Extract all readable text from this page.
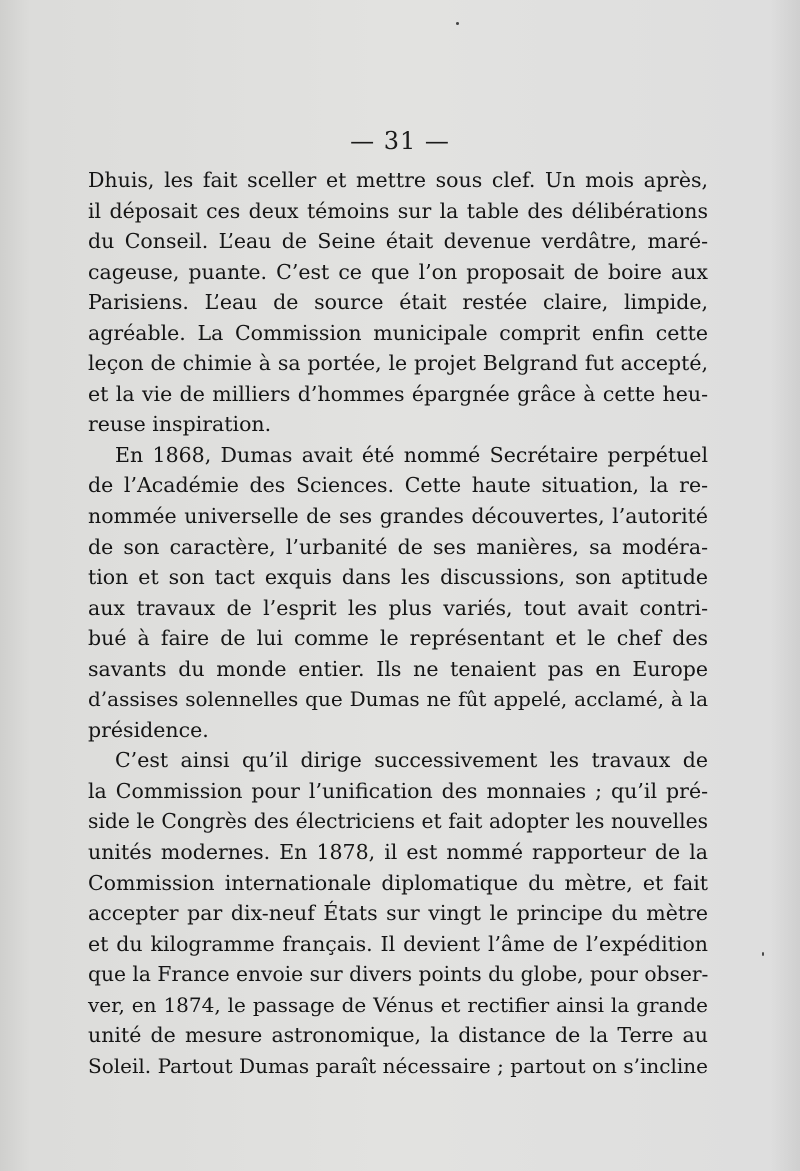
— 31 —
Dhuis, les fait sceller et mettre sous clef. Un mois après,
il déposait ces deux témoins sur la table des délibérations
du Conseil. L’eau de Seine était devenue verdâtre, maré-
cageuse, puante. C’est ce que l’on proposait de boire aux
Parisiens. L’eau de source était restée claire, limpide,
agréable. La Commission municipale comprit enfin cette
leçon de chimie à sa portée, le projet Belgrand fut accepté,
et la vie de milliers d’hommes épargnée grâce à cette heu-
reuse inspiration.
En 1868, Dumas avait été nommé Secrétaire perpétuel
de l’Académie des Sciences. Cette haute situation, la re-
nommée universelle de ses grandes découvertes, l’autorité
de son caractère, l’urbanité de ses manières, sa modéra-
tion et son tact exquis dans les discussions, son aptitude
aux travaux de l’esprit les plus variés, tout avait contri-
bué à faire de lui comme le représentant et le chef des
savants du monde entier. Ils ne tenaient pas en Europe
d’assises solennelles que Dumas ne fût appelé, acclamé, à la
présidence.
C’est ainsi qu’il dirige successivement les travaux de
la Commission pour l’unification des monnaies ; qu’il pré-
side le Congrès des électriciens et fait adopter les nouvelles
unités modernes. En 1878, il est nommé rapporteur de la
Commission internationale diplomatique du mètre, et fait
accepter par dix-neuf États sur vingt le principe du mètre
et du kilogramme français. Il devient l’âme de l’expédition
que la France envoie sur divers points du globe, pour obser-
ver, en 1874, le passage de Vénus et rectifier ainsi la grande
unité de mesure astronomique, la distance de la Terre au
Soleil. Partout Dumas paraît nécessaire ; partout on s’incline
